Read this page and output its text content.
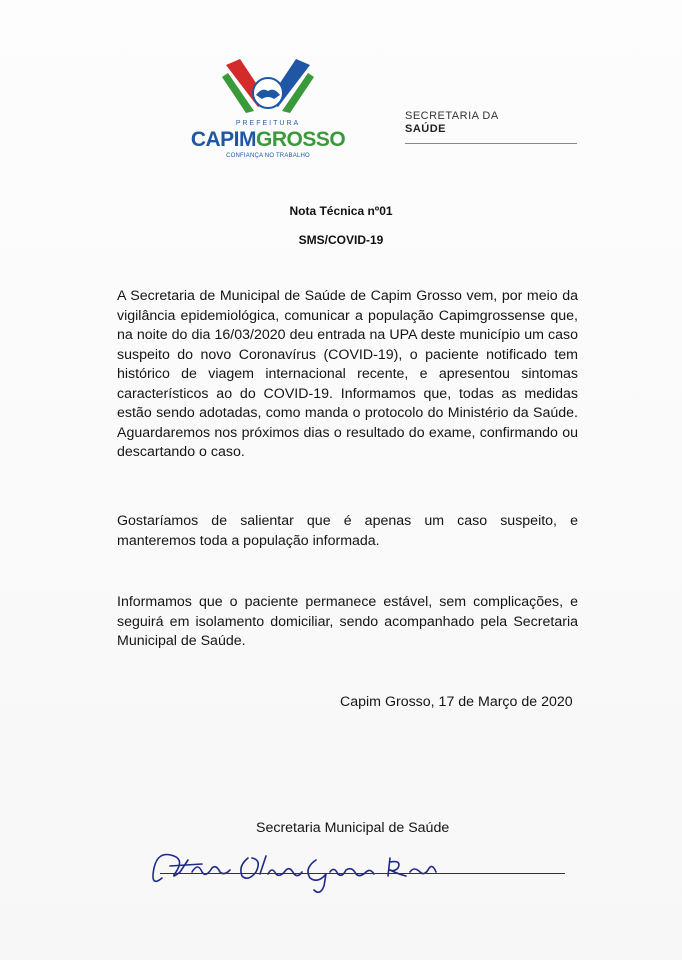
PREFEITURA
CAPIMGROSSO
CONFIANÇA NO TRABALHO
SECRETARIA DA
SAÚDE
Nota Técnica nº01
SMS/COVID-19
A Secretaria de Municipal de Saúde de Capim Grosso vem, por meio da vigilância epidemiológica, comunicar a população Capimgrossense que, na noite do dia 16/03/2020 deu entrada na UPA deste município um caso suspeito do novo Coronavírus (COVID-19), o paciente notificado tem histórico de viagem internacional recente, e apresentou sintomas característicos ao do COVID-19. Informamos que, todas as medidas estão sendo adotadas, como manda o protocolo do Ministério da Saúde. Aguardaremos nos próximos dias o resultado do exame, confirmando ou descartando o caso.
Gostaríamos de salientar que é apenas um caso suspeito, e manteremos toda a população informada.
Informamos que o paciente permanece estável, sem complicações, e seguirá em isolamento domiciliar, sendo acompanhado pela Secretaria Municipal de Saúde.
Capim Grosso, 17 de Março de 2020
Secretaria Municipal de Saúde
